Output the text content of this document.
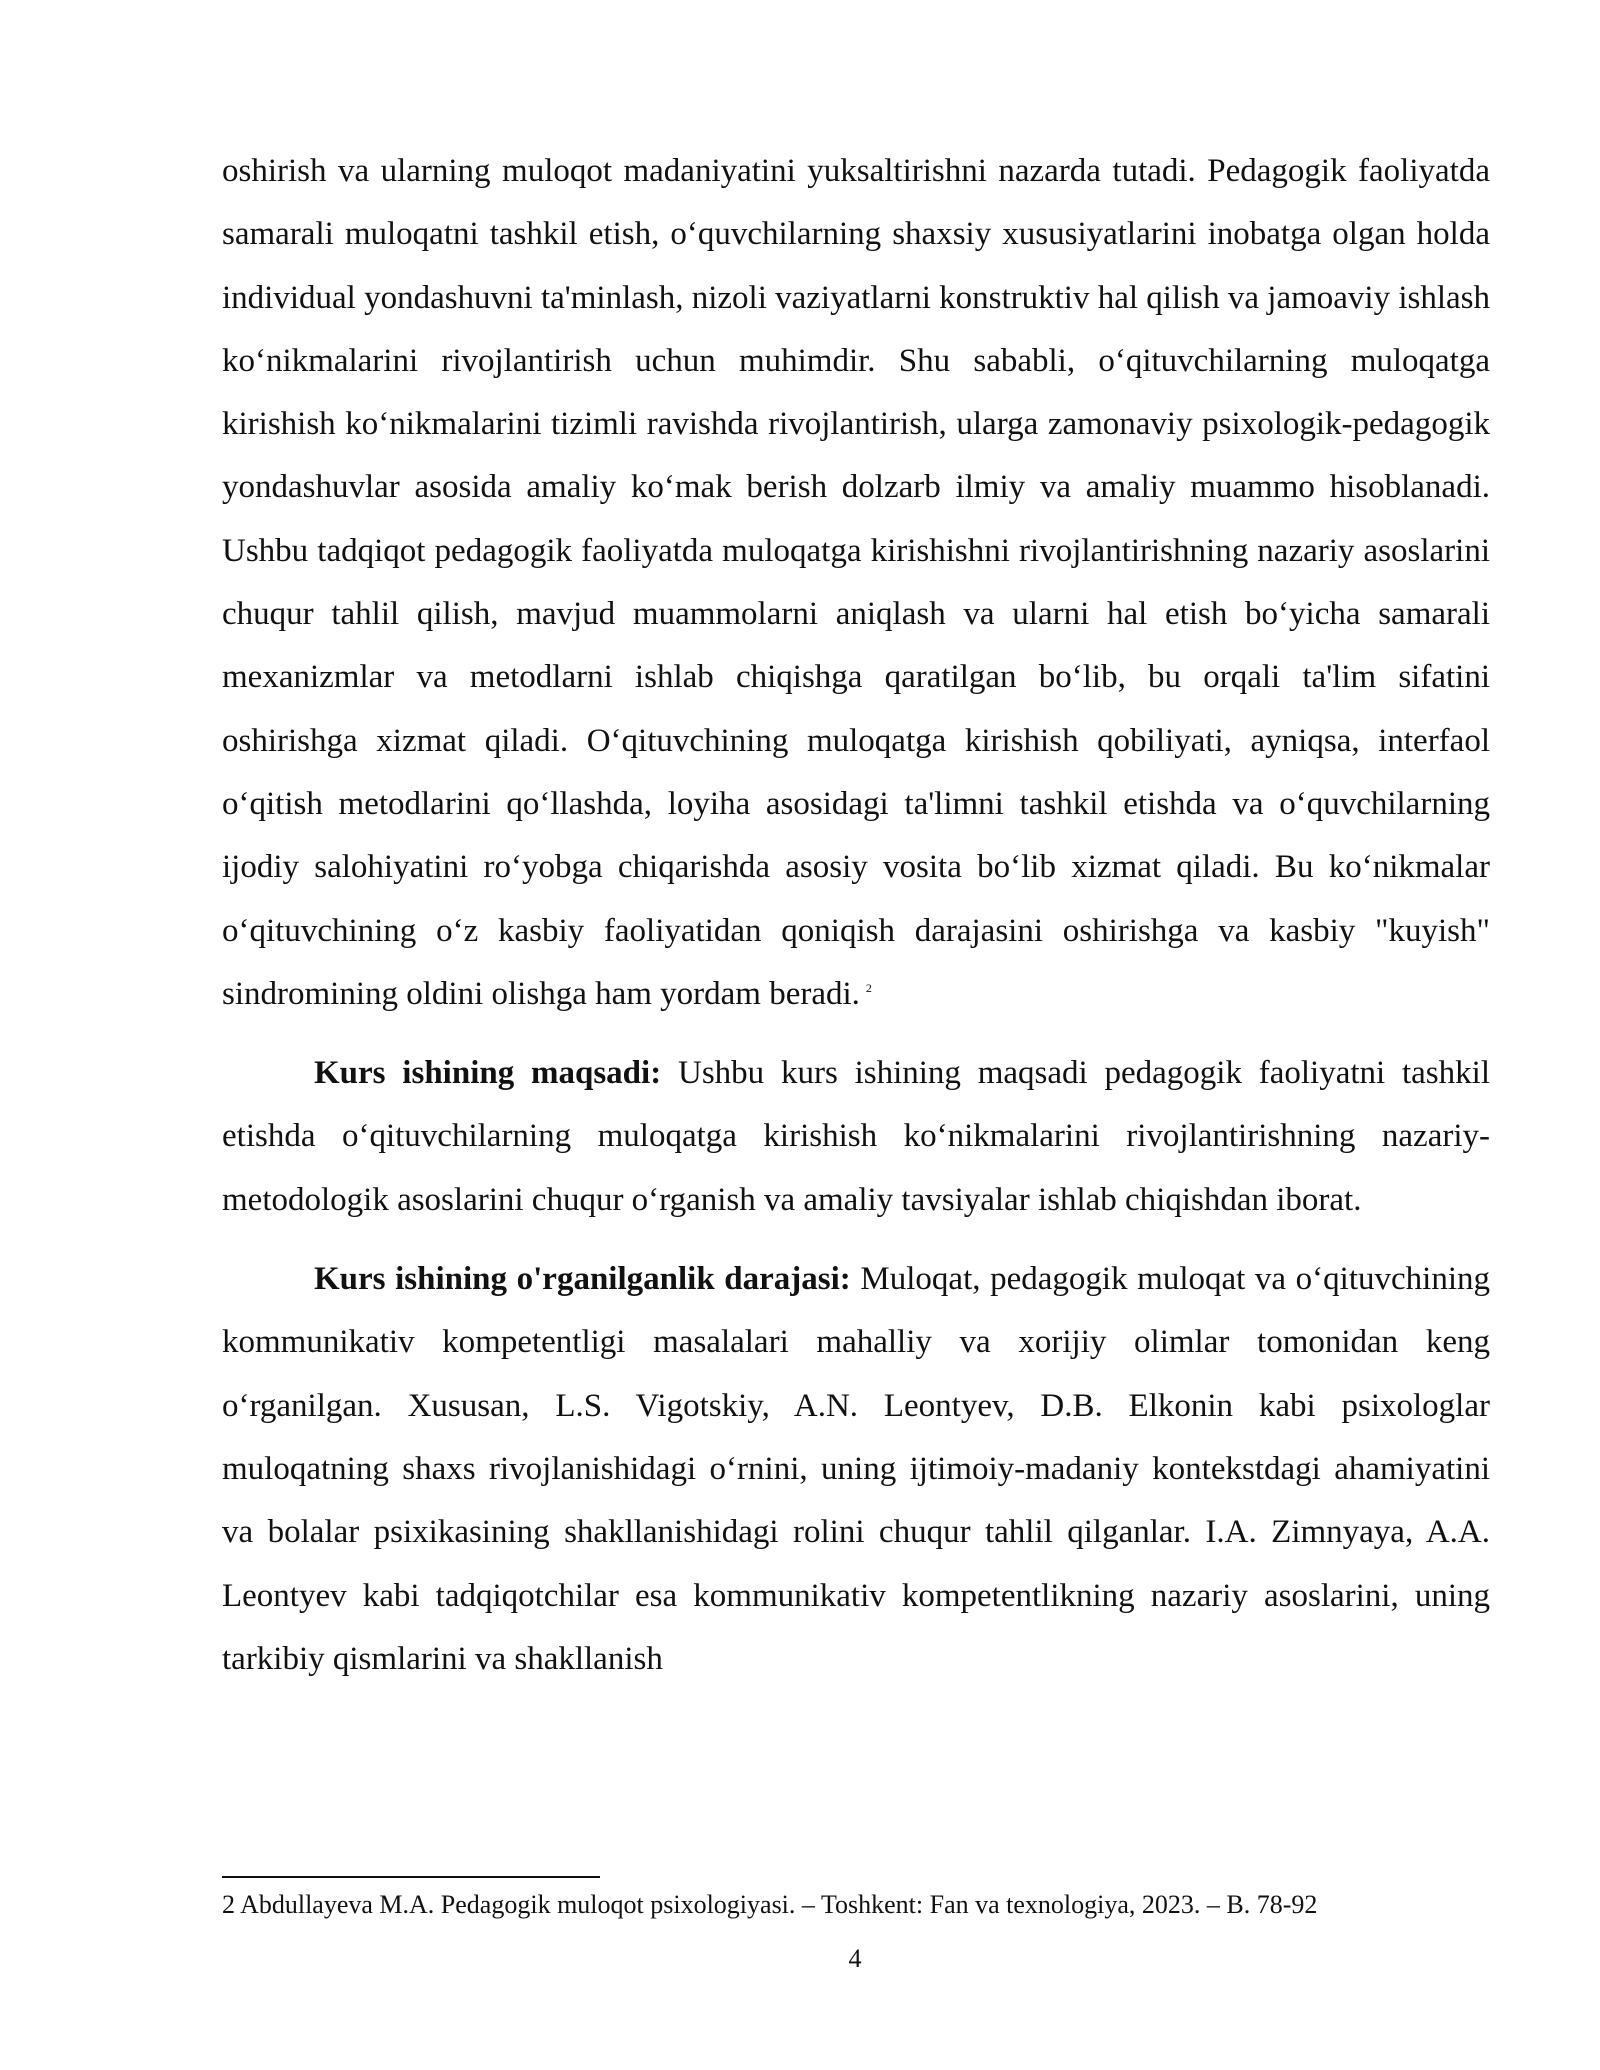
oshirish va ularning muloqot madaniyatini yuksaltirishni nazarda tutadi. Pedagogik faoliyatda samarali muloqatni tashkil etish, o‘quvchilarning shaxsiy xususiyatlarini inobatga olgan holda individual yondashuvni ta'minlash, nizoli vaziyatlarni konstruktiv hal qilish va jamoaviy ishlash ko‘nikmalarini rivojlantirish uchun muhimdir. Shu sababli, o‘qituvchilarning muloqatga kirishish ko‘nikmalarini tizimli ravishda rivojlantirish, ularga zamonaviy psixologik-pedagogik yondashuvlar asosida amaliy ko‘mak berish dolzarb ilmiy va amaliy muammo hisoblanadi. Ushbu tadqiqot pedagogik faoliyatda muloqatga kirishishni rivojlantirishning nazariy asoslarini chuqur tahlil qilish, mavjud muammolarni aniqlash va ularni hal etish bo‘yicha samarali mexanizmlar va metodlarni ishlab chiqishga qaratilgan bo‘lib, bu orqali ta'lim sifatini oshirishga xizmat qiladi. O‘qituvchining muloqatga kirishish qobiliyati, ayniqsa, interfaol o‘qitish metodlarini qo‘llashda, loyiha asosidagi ta'limni tashkil etishda va o‘quvchilarning ijodiy salohiyatini ro‘yobga chiqarishda asosiy vosita bo‘lib xizmat qiladi. Bu ko‘nikmalar o‘qituvchining o‘z kasbiy faoliyatidan qoniqish darajasini oshirishga va kasbiy "kuyish" sindromining oldini olishga ham yordam beradi. $^2$

Kurs ishining maqsadi: Ushbu kurs ishining maqsadi pedagogik faoliyatni tashkil etishda o‘qituvchilarning muloqatga kirishish ko‘nikmalarini rivojlantirishning nazariy-metodologik asoslarini chuqur o‘rganish va amaliy tavsiyalar ishlab chiqishdan iborat.

Kurs ishining o'rganilganlik darajasi: Muloqat, pedagogik muloqat va o‘qituvchining kommunikativ kompetentligi masalalari mahalliy va xorijiy olimlar tomonidan keng o‘rganilgan. Xususan, L.S. Vigotskiy, A.N. Leontyev, D.B. Elkonin kabi psixologlar muloqatning shaxs rivojlanishidagi o‘rnini, uning ijtimoiy-madaniy kontekstdagi ahamiyatini va bolalar psixikasining shakllanishidagi rolini chuqur tahlil qilganlar. I.A. Zimnyaya, A.A. Leontyev kabi tadqiqotchilar esa kommunikativ kompetentlikning nazariy asoslarini, uning tarkibiy qismlarini va shakllanish

2 Abdullayeva M.A. Pedagogik muloqot psixologiyasi. – Toshkent: Fan va texnologiya, 2023. – B. 78-92

4
